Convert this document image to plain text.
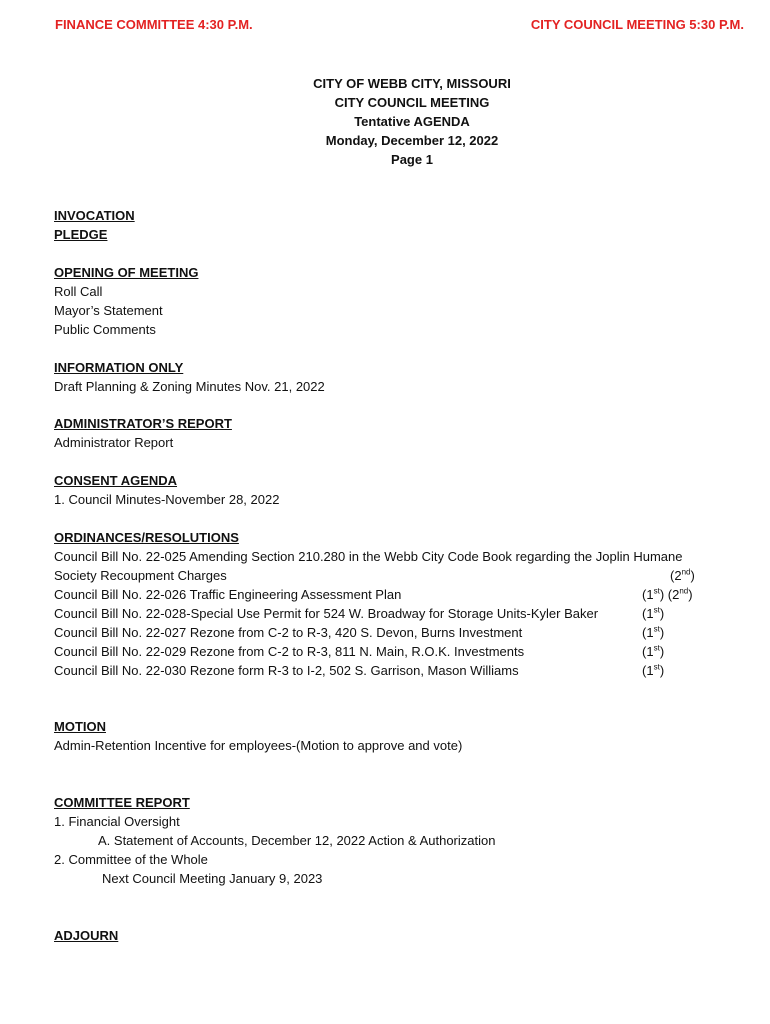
FINANCE COMMITTEE 4:30 P.M.	CITY COUNCIL MEETING 5:30 P.M.
CITY OF WEBB CITY, MISSOURI
CITY COUNCIL MEETING
Tentative AGENDA
Monday, December 12, 2022
Page 1
INVOCATION
PLEDGE
OPENING OF MEETING
Roll Call
Mayor’s Statement
Public Comments
INFORMATION ONLY
Draft Planning & Zoning Minutes Nov. 21, 2022
ADMINISTRATOR’S REPORT
Administrator Report
CONSENT AGENDA
1. Council Minutes-November 28, 2022
ORDINANCES/RESOLUTIONS
Council Bill No. 22-025 Amending Section 210.280 in the Webb City Code Book regarding the Joplin Humane
Society Recoupment Charges	(2nd)
Council Bill No. 22-026 Traffic Engineering Assessment Plan	(1st) (2nd)
Council Bill No. 22-028-Special Use Permit for 524 W. Broadway for Storage Units-Kyler Baker	(1st)
Council Bill No. 22-027 Rezone from C-2 to R-3, 420 S. Devon, Burns Investment	(1st)
Council Bill No. 22-029 Rezone from C-2 to R-3, 811 N. Main, R.O.K. Investments	(1st)
Council Bill No. 22-030 Rezone form R-3 to I-2, 502 S. Garrison, Mason Williams	(1st)
MOTION
Admin-Retention Incentive for employees-(Motion to approve and vote)
COMMITTEE REPORT
1. Financial Oversight
A. Statement of Accounts, December 12, 2022 Action & Authorization
2. Committee of the Whole
Next Council Meeting January 9, 2023
ADJOURN
